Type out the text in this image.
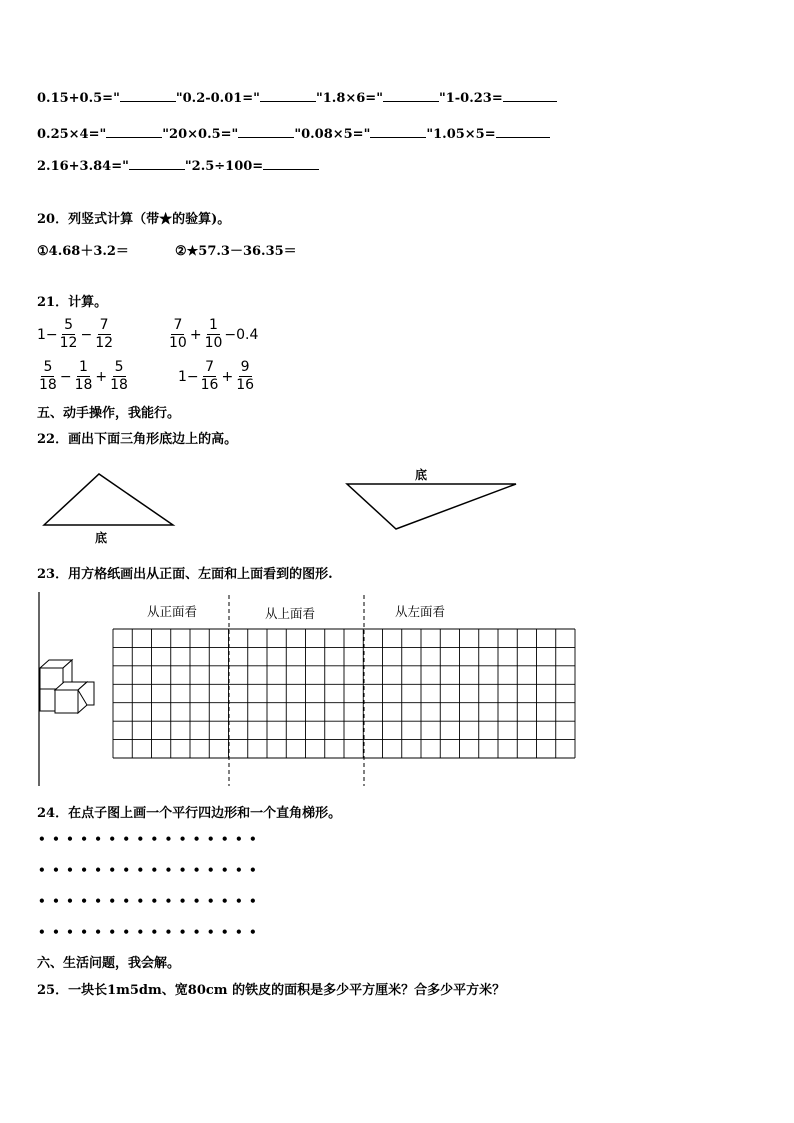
0.15+0.5="	"0.2-0.01="	"1.8×6="	"1-0.23=
0.25×4="	"20×0.5="	"0.08×5="	"1.05×5=
2.16+3.84="	"2.5÷100=
20．列竖式计算（带★的验算)。
①4.68＋3.2＝	②★57.3－36.35＝
21．计算。
$1- \frac{5}{12} - \frac{7}{12}$	$\frac{7}{10} + \frac{1}{10} -0.4$
$\frac{5}{18} - \frac{1}{18} + \frac{5}{18}$	$1- \frac{7}{16} + \frac{9}{16}$
五、动手操作，我能行。
22．画出下面三角形底边上的高。
底
底
23．用方格纸画出从正面、左面和上面看到的图形.
从正面看	从上面看	从左面看
24．在点子图上画一个平行四边形和一个直角梯形。
••••••••••••••••
••••••••••••••••
••••••••••••••••
••••••••••••••••
六、生活问题，我会解。
25．一块长1m5dm、宽80cm 的铁皮的面积是多少平方厘米？合多少平方米？
